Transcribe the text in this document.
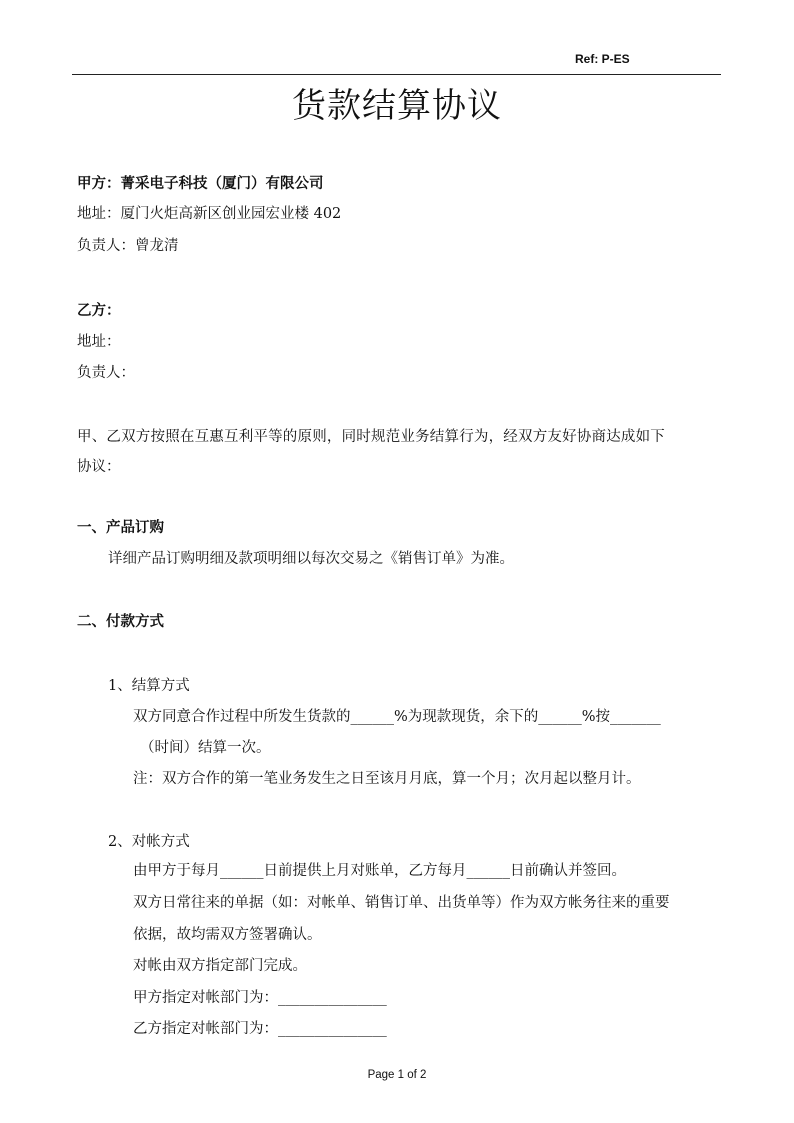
Ref: P-ES
货款结算协议
甲方：菁采电子科技（厦门）有限公司
地址：厦门火炬高新区创业园宏业楼 402
负责人：曾龙清
乙方：
地址：
负责人：
甲、乙双方按照在互惠互利平等的原则，同时规范业务结算行为，经双方友好协商达成如下
协议：
一、产品订购
详细产品订购明细及款项明细以每次交易之《销售订单》为准。
二、付款方式
1、结算方式
双方同意合作过程中所发生货款的______%为现款现货，余下的______%按_______
（时间）结算一次。
注：双方合作的第一笔业务发生之日至该月月底，算一个月；次月起以整月计。
2、对帐方式
由甲方于每月______日前提供上月对账单，乙方每月______日前确认并签回。
双方日常往来的单据（如：对帐单、销售订单、出货单等）作为双方帐务往来的重要
依据，故均需双方签署确认。
对帐由双方指定部门完成。
甲方指定对帐部门为：_______________
乙方指定对帐部门为：_______________
Page 1 of 2
